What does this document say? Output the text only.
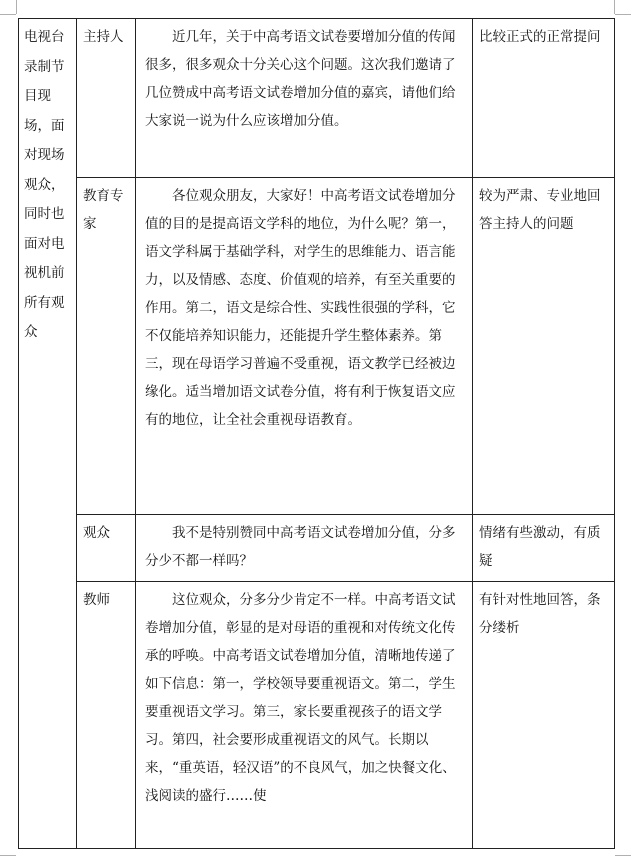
电视台录制节目现场，面对现场观众，同时也面对电视机前所有观众	主持人	近几年，关于中高考语文试卷要增加分值的传闻很多，很多观众十分关心这个问题。这次我们邀请了几位赞成中高考语文试卷增加分值的嘉宾，请他们给大家说一说为什么应该增加分值。	比较正式的正常提问
	教育专家	各位观众朋友，大家好！中高考语文试卷增加分值的目的是提高语文学科的地位，为什么呢？第一，语文学科属于基础学科，对学生的思维能力、语言能力，以及情感、态度、价值观的培养，有至关重要的作用。第二，语文是综合性、实践性很强的学科，它不仅能培养知识能力，还能提升学生整体素养。第三，现在母语学习普遍不受重视，语文教学已经被边缘化。适当增加语文试卷分值，将有利于恢复语文应有的地位，让全社会重视母语教育。	较为严肃、专业地回答主持人的问题
	观众	我不是特别赞同中高考语文试卷增加分值，分多分少不都一样吗？	情绪有些激动，有质疑
	教师	这位观众，分多分少肯定不一样。中高考语文试卷增加分值，彰显的是对母语的重视和对传统文化传承的呼唤。中高考语文试卷增加分值，清晰地传递了如下信息：第一，学校领导要重视语文。第二，学生要重视语文学习。第三，家长要重视孩子的语文学习。第四，社会要形成重视语文的风气。长期以来，“重英语，轻汉语”的不良风气，加之快餐文化、浅阅读的盛行……使	有针对性地回答，条分缕析
